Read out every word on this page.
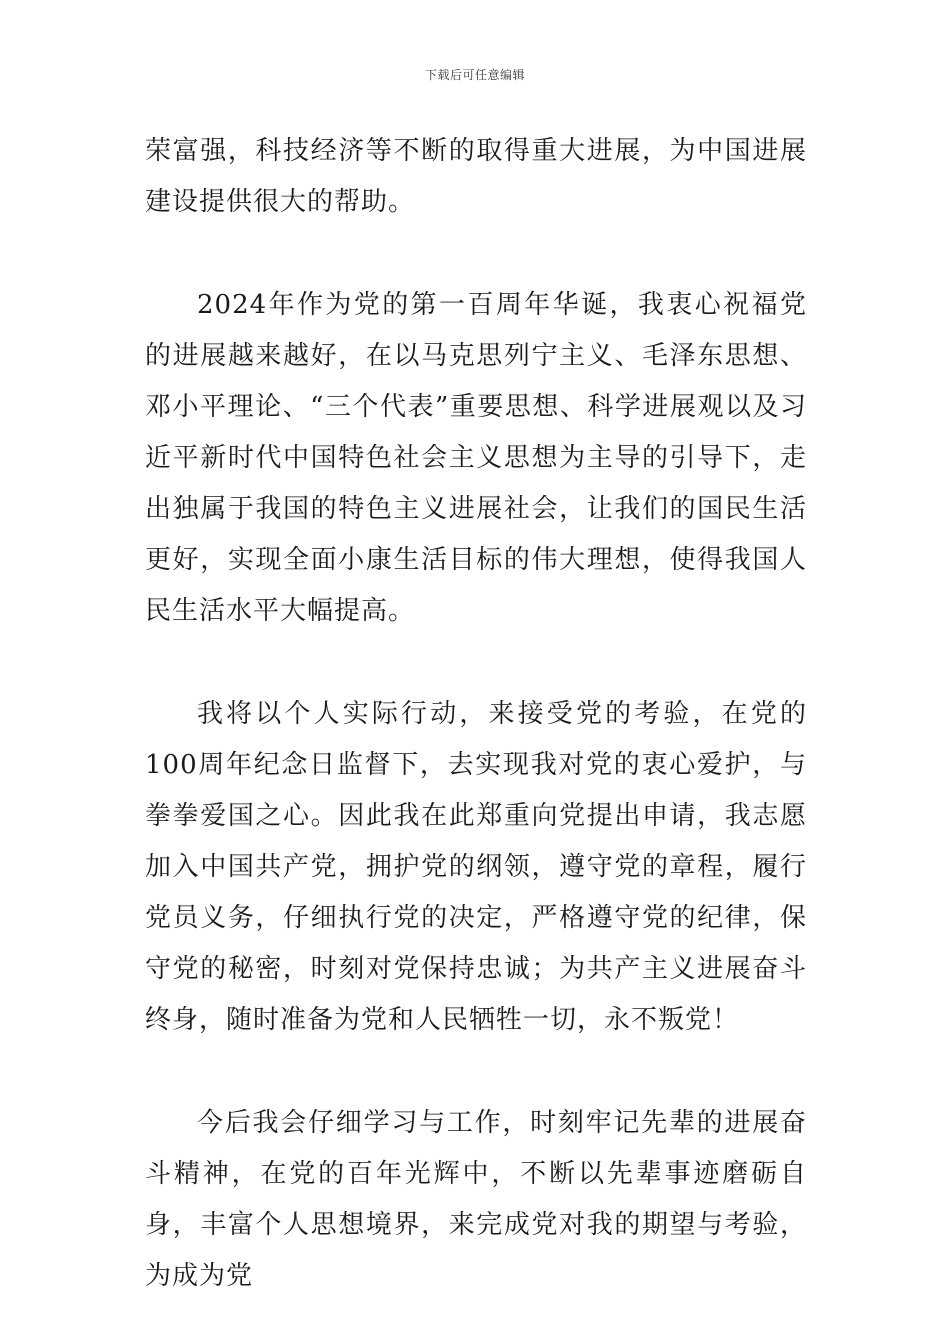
下载后可任意编辑

荣富强，科技经济等不断的取得重大进展，为中国进展建设提供很大的帮助。

2024年作为党的第一百周年华诞，我衷心祝福党的进展越来越好，在以马克思列宁主义、毛泽东思想、邓小平理论、“三个代表”重要思想、科学进展观以及习近平新时代中国特色社会主义思想为主导的引导下，走出独属于我国的特色主义进展社会，让我们的国民生活更好，实现全面小康生活目标的伟大理想，使得我国人民生活水平大幅提高。

我将以个人实际行动，来接受党的考验，在党的100周年纪念日监督下，去实现我对党的衷心爱护，与拳拳爱国之心。因此我在此郑重向党提出申请，我志愿加入中国共产党，拥护党的纲领，遵守党的章程，履行党员义务，仔细执行党的决定，严格遵守党的纪律，保守党的秘密，时刻对党保持忠诚；为共产主义进展奋斗终身，随时准备为党和人民牺牲一切，永不叛党！

今后我会仔细学习与工作，时刻牢记先辈的进展奋斗精神，在党的百年光辉中，不断以先辈事迹磨砺自身，丰富个人思想境界，来完成党对我的期望与考验，为成为党
